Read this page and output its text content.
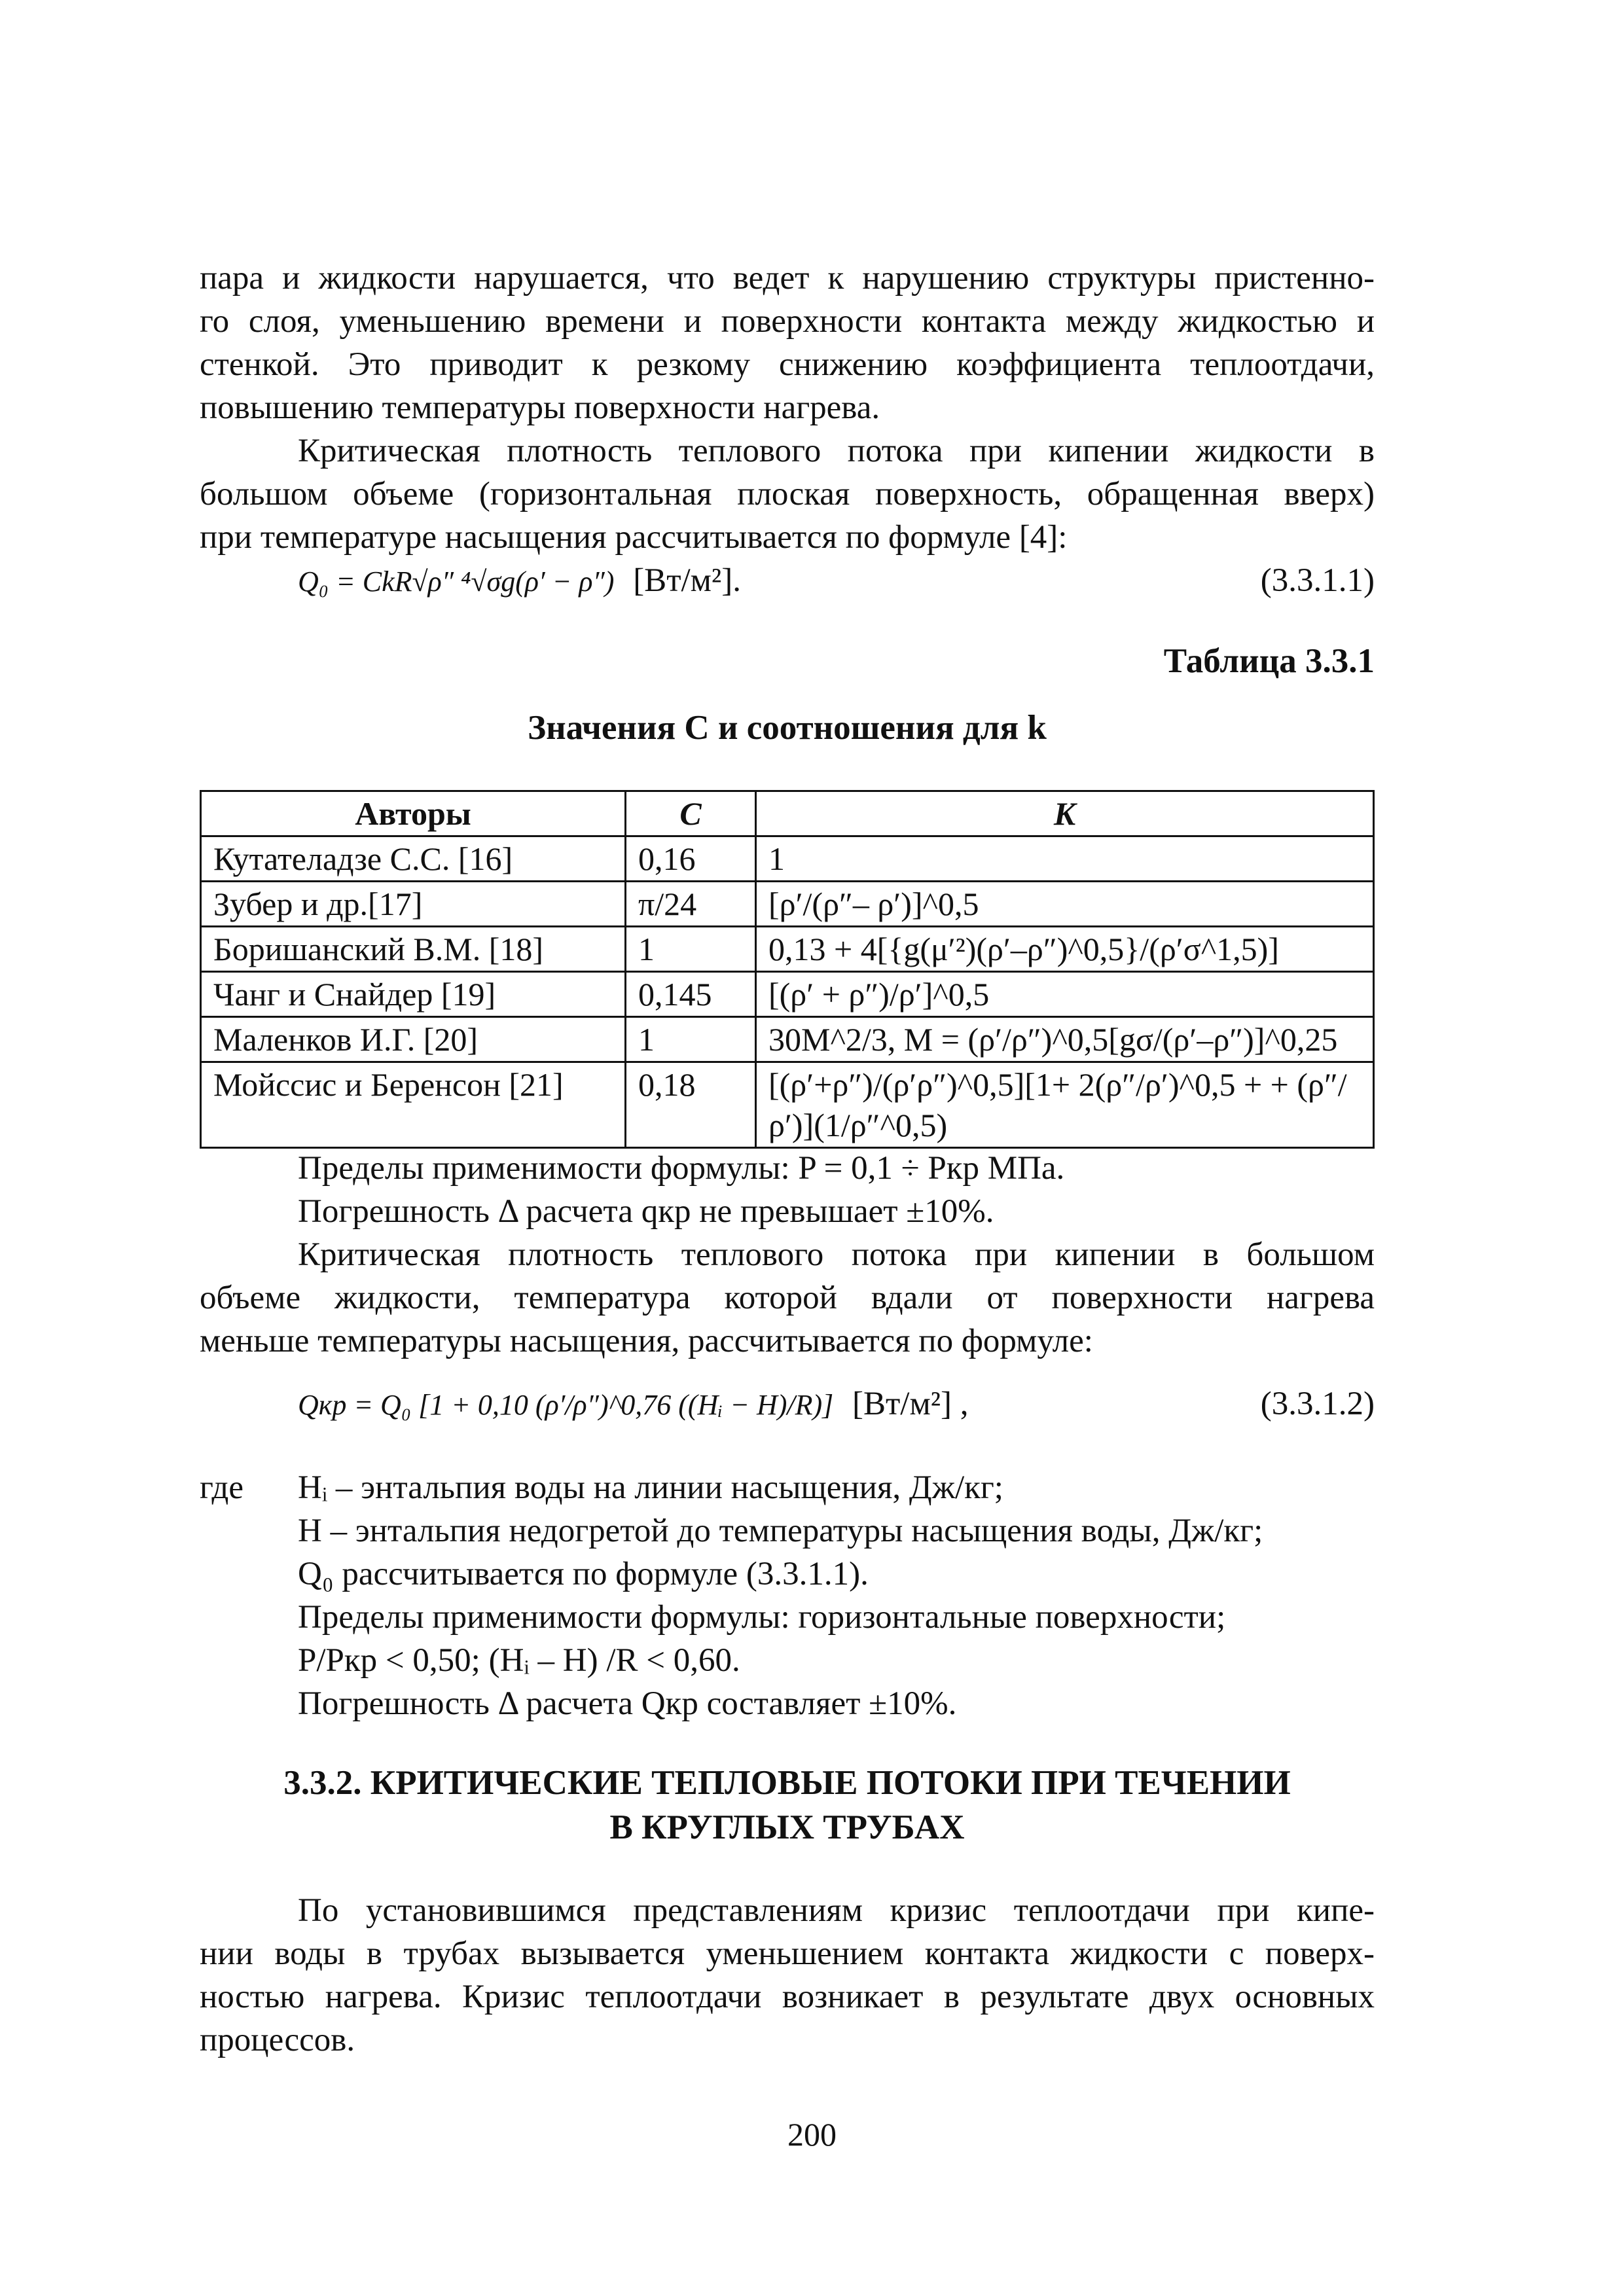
пара и жидкости нарушается, что ведет к нарушению структуры пристенно-
го слоя, уменьшению времени и поверхности контакта между жидкостью и
стенкой. Это приводит к резкому снижению коэффициента теплоотдачи,
повышению температуры поверхности нагрева.
Критическая плотность теплового потока при кипении жидкости в
большом объеме (горизонтальная плоская поверхность, обращенная вверх)
при температуре насыщения рассчитывается по формуле [4]:
Q₀ = CkR√ρ″ ⁴√σg(ρ′ − ρ″) [Вт/м²].	(3.3.1.1)
Таблица 3.3.1
Значения C и соотношения для k
Авторы	C	K
Кутателадзе С.С. [16]	0,16	1
Зубер и др.[17]	π/24	[ρ′/(ρ″– ρ′)]^0,5
Боришанский В.М. [18]	1	0,13 + 4[{g(μ′²)(ρ′–ρ″)^0,5}/(ρ′σ^1,5)]
Чанг и Снайдер [19]	0,145	[(ρ′ + ρ″)/ρ′]^0,5
Маленков И.Г. [20]	1	30M^2/3, M = (ρ′/ρ″)^0,5[gσ/(ρ′–ρ″)]^0,25
Мойссис и Беренсон [21]	0,18	[(ρ′+ρ″)/(ρ′ρ″)^0,5][1+ 2(ρ″/ρ′)^0,5 + + (ρ″/ρ′)](1/ρ″^0,5)
Пределы применимости формулы: P = 0,1 ÷ Pкр МПа.
Погрешность Δ расчета qкр не превышает ±10%.
Критическая плотность теплового потока при кипении в большом
объеме жидкости, температура которой вдали от поверхности нагрева
меньше температуры насыщения, рассчитывается по формуле:
Qкр = Q₀ [1 + 0,10 (ρ′/ρ″)^0,76 ((Hᵢ − H)/R)] [Вт/м²] ,	(3.3.1.2)
где Hᵢ – энтальпия воды на линии насыщения, Дж/кг;
H – энтальпия недогретой до температуры насыщения воды, Дж/кг;
Q₀ рассчитывается по формуле (3.3.1.1).
Пределы применимости формулы: горизонтальные поверхности;
P/Pкр < 0,50; (Hᵢ – H) /R < 0,60.
Погрешность Δ расчета Qкр составляет ±10%.
3.3.2. КРИТИЧЕСКИЕ ТЕПЛОВЫЕ ПОТОКИ ПРИ ТЕЧЕНИИ
В КРУГЛЫХ ТРУБАХ
По установившимся представлениям кризис теплоотдачи при кипе-
нии воды в трубах вызывается уменьшением контакта жидкости с поверх-
ностью нагрева. Кризис теплоотдачи возникает в результате двух основных
процессов.
200
